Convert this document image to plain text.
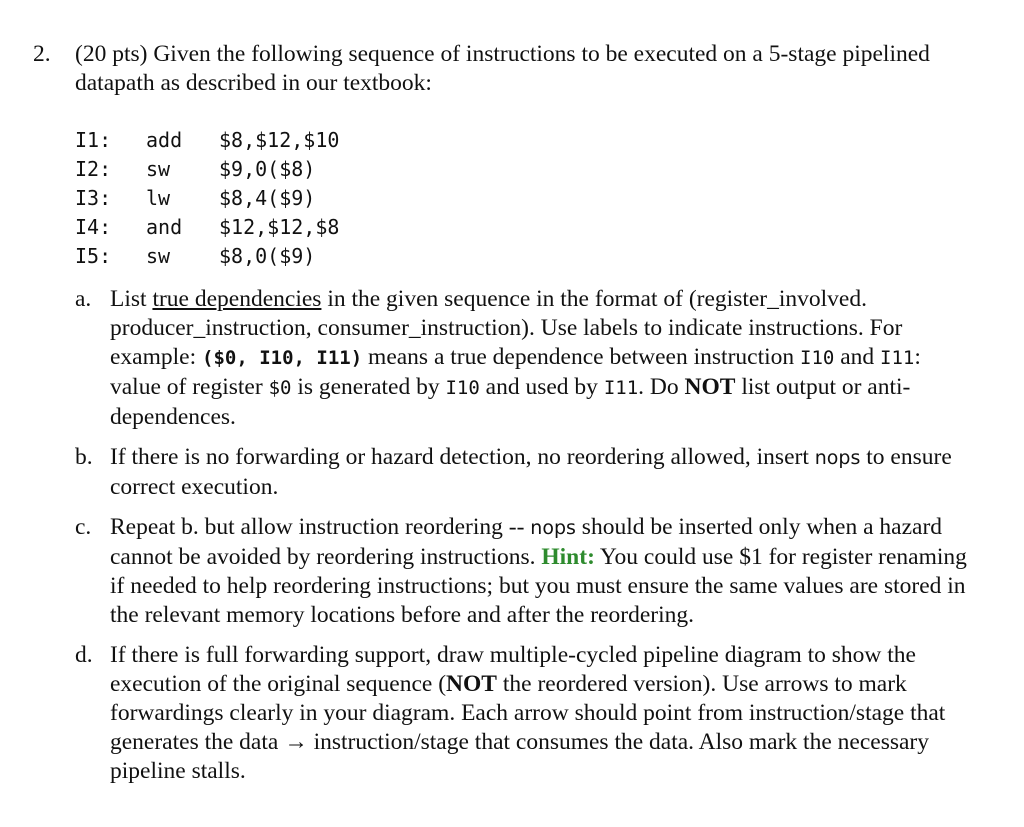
2. (20 pts) Given the following sequence of instructions to be executed on a 5-stage pipelined datapath as described in our textbook:

I1:

add

$8,$12,$10

I2:

sw

$9,0($8)

I3:

lw

$8,4($9)

I4:

and

$12,$12,$8

I5:

sw

$8,0($9)

a. List true dependencies in the given sequence in the format of (register_involved. producer_instruction, consumer_instruction). Use labels to indicate instructions. For example: ($0, I10, I11) means a true dependence between instruction I10 and I11: value of register $0 is generated by I10 and used by I11. Do NOT list output or anti-dependences.
b. If there is no forwarding or hazard detection, no reordering allowed, insert nops to ensure correct execution.
c. Repeat b. but allow instruction reordering -- nops should be inserted only when a hazard cannot be avoided by reordering instructions. Hint: You could use $1 for register renaming if needed to help reordering instructions; but you must ensure the same values are stored in the relevant memory locations before and after the reordering.
d. If there is full forwarding support, draw multiple-cycled pipeline diagram to show the execution of the original sequence (NOT the reordered version). Use arrows to mark forwardings clearly in your diagram. Each arrow should point from instruction/stage that generates the data → instruction/stage that consumes the data. Also mark the necessary pipeline stalls.
